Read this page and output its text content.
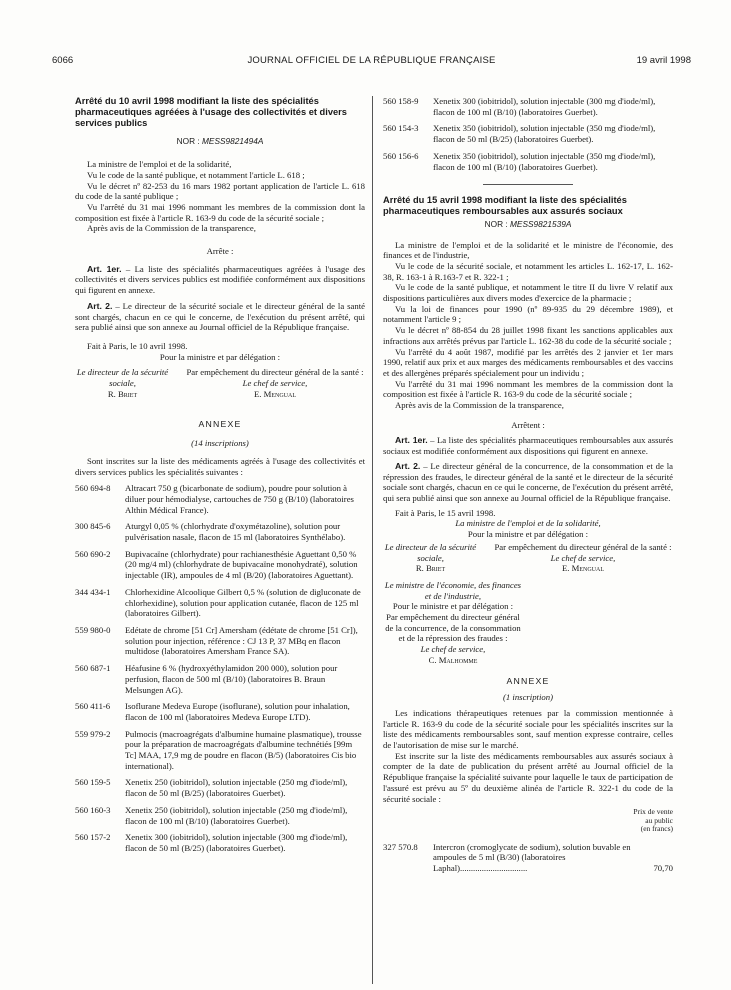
6066	JOURNAL OFFICIEL DE LA RÉPUBLIQUE FRANÇAISE	19 avril 1998
Arrêté du 10 avril 1998 modifiant la liste des spécialités pharmaceutiques agréées à l'usage des collectivités et divers services publics
NOR : MESS9821494A

La ministre de l'emploi et de la solidarité,

Vu le code de la santé publique, et notamment l'article L. 618 ;

Vu le décret nº 82-253 du 16 mars 1982 portant application de l'article L. 618 du code de la santé publique ;

Vu l'arrêté du 31 mai 1996 nommant les membres de la commission dont la composition est fixée à l'article R. 163-9 du code de la sécurité sociale ;

Après avis de la Commission de la transparence,

Arrête :

Art. 1er. – La liste des spécialités pharmaceutiques agréées à l'usage des collectivités et divers services publics est modifiée conformément aux dispositions qui figurent en annexe.

Art. 2. – Le directeur de la sécurité sociale et le directeur général de la santé sont chargés, chacun en ce qui le concerne, de l'exécution du présent arrêté, qui sera publié ainsi que son annexe au Journal officiel de la République française.

Fait à Paris, le 10 avril 1998.

Pour la ministre et par délégation :

Le directeur de la sécurité sociale,
R. Briet
Par empêchement du directeur général de la santé :
Le chef de service,
E. Mengual
ANNEXE
(14 inscriptions)

Sont inscrites sur la liste des médicaments agréés à l'usage des collectivités et divers services publics les spécialités suivantes :

560 694-8	Altracart 750 g (bicarbonate de sodium), poudre pour solution à diluer pour hémodialyse, cartouches de 750 g (B/10) (laboratoires Althin Médical France).
300 845-6	Aturgyl 0,05 % (chlorhydrate d'oxymétazoline), solution pour pulvérisation nasale, flacon de 15 ml (laboratoires Synthélabo).
560 690-2	Bupivacaïne (chlorhydrate) pour rachianesthésie Aguettant 0,50 % (20 mg/4 ml) (chlorhydrate de bupivacaïne monohydraté), solution injectable (IR), ampoules de 4 ml (B/20) (laboratoires Aguettant).
344 434-1	Chlorhexidine Alcoolique Gilbert 0,5 % (solution de digluconate de chlorhexidine), solution pour application cutanée, flacon de 125 ml (laboratoires Gilbert).
559 980-0	Edétate de chrome [51 Cr] Amersham (édétate de chrome [51 Cr]), solution pour injection, référence : CJ 13 P, 37 MBq en flacon multidose (laboratoires Amersham France SA).
560 687-1	Héafusine 6 % (hydroxyéthylamidon 200 000), solution pour perfusion, flacon de 500 ml (B/10) (laboratoires B. Braun Melsungen AG).
560 411-6	Isoflurane Medeva Europe (isoflurane), solution pour inhalation, flacon de 100 ml (laboratoires Medeva Europe LTD).
559 979-2	Pulmocis (macroagrégats d'albumine humaine plasmatique), trousse pour la préparation de macroagrégats d'albumine technétiés [99m Tc] MAA, 17,9 mg de poudre en flacon (B/5) (laboratoires Cis bio international).
560 159-5	Xenetix 250 (iobitridol), solution injectable (250 mg d'iode/ml), flacon de 50 ml (B/25) (laboratoires Guerbet).
560 160-3	Xenetix 250 (iobitridol), solution injectable (250 mg d'iode/ml), flacon de 100 ml (B/10) (laboratoires Guerbet).
560 157-2	Xenetix 300 (iobitridol), solution injectable (300 mg d'iode/ml), flacon de 50 ml (B/25) (laboratoires Guerbet).
560 158-9	Xenetix 300 (iobitridol), solution injectable (300 mg d'iode/ml), flacon de 100 ml (B/10) (laboratoires Guerbet).
560 154-3	Xenetix 350 (iobitridol), solution injectable (350 mg d'iode/ml), flacon de 50 ml (B/25) (laboratoires Guerbet).
560 156-6	Xenetix 350 (iobitridol), solution injectable (350 mg d'iode/ml), flacon de 100 ml (B/10) (laboratoires Guerbet).
Arrêté du 15 avril 1998 modifiant la liste des spécialités pharmaceutiques remboursables aux assurés sociaux
NOR : MESS9821539A

La ministre de l'emploi et de la solidarité et le ministre de l'économie, des finances et de l'industrie,

Vu le code de la sécurité sociale, et notamment les articles L. 162-17, L. 162-38, R. 163-1 à R.163-7 et R. 322-1 ;

Vu le code de la santé publique, et notamment le titre II du livre V relatif aux dispositions particulières aux divers modes d'exercice de la pharmacie ;

Vu la loi de finances pour 1990 (nº 89-935 du 29 décembre 1989), et notamment l'article 9 ;

Vu le décret nº 88-854 du 28 juillet 1998 fixant les sanctions applicables aux infractions aux arrêtés prévus par l'article L. 162-38 du code de la sécurité sociale ;

Vu l'arrêté du 4 août 1987, modifié par les arrêtés des 2 janvier et 1er mars 1990, relatif aux prix et aux marges des médicaments remboursables et des vaccins et des allergènes préparés spécialement pour un individu ;

Vu l'arrêté du 31 mai 1996 nommant les membres de la commission dont la composition est fixée à l'article R. 163-9 du code de la sécurité sociale ;

Après avis de la Commission de la transparence,

Arrêtent :

Art. 1er. – La liste des spécialités pharmaceutiques remboursables aux assurés sociaux est modifiée conformément aux dispositions qui figurent en annexe.

Art. 2. – Le directeur général de la concurrence, de la consommation et de la répression des fraudes, le directeur général de la santé et le directeur de la sécurité sociale sont chargés, chacun en ce qui le concerne, de l'exécution du présent arrêté, qui sera publié ainsi que son annexe au Journal officiel de la République française.

Fait à Paris, le 15 avril 1998.

La ministre de l'emploi et de la solidarité,

Pour la ministre et par délégation :

Le directeur de la sécurité sociale,
R. Briet
Par empêchement du directeur général de la santé :
Le chef de service,
E. Mengual
Le ministre de l'économie, des finances et de l'industrie,
Pour le ministre et par délégation :
Par empêchement du directeur général de la concurrence, de la consommation et de la répression des fraudes :
Le chef de service,
C. Malhomme
ANNEXE
(1 inscription)

Les indications thérapeutiques retenues par la commission mentionnée à l'article R. 163-9 du code de la sécurité sociale pour les spécialités inscrites sur la liste des médicaments remboursables sont, sauf mention expresse contraire, celles de l'autorisation de mise sur le marché.

Est inscrite sur la liste des médicaments remboursables aux assurés sociaux à compter de la date de publication du présent arrêté au Journal officiel de la République française la spécialité suivante pour laquelle le taux de participation de l'assuré est prévu au 5º du deuxième alinéa de l'article R. 322-1 du code de la sécurité sociale :

Prix de vente
au public
(en francs)
327 570.8	Intercron (cromoglycate de sodium), solution buvable en ampoules de 5 ml (B/30) (laboratoires Laphal)...............................	70,70
